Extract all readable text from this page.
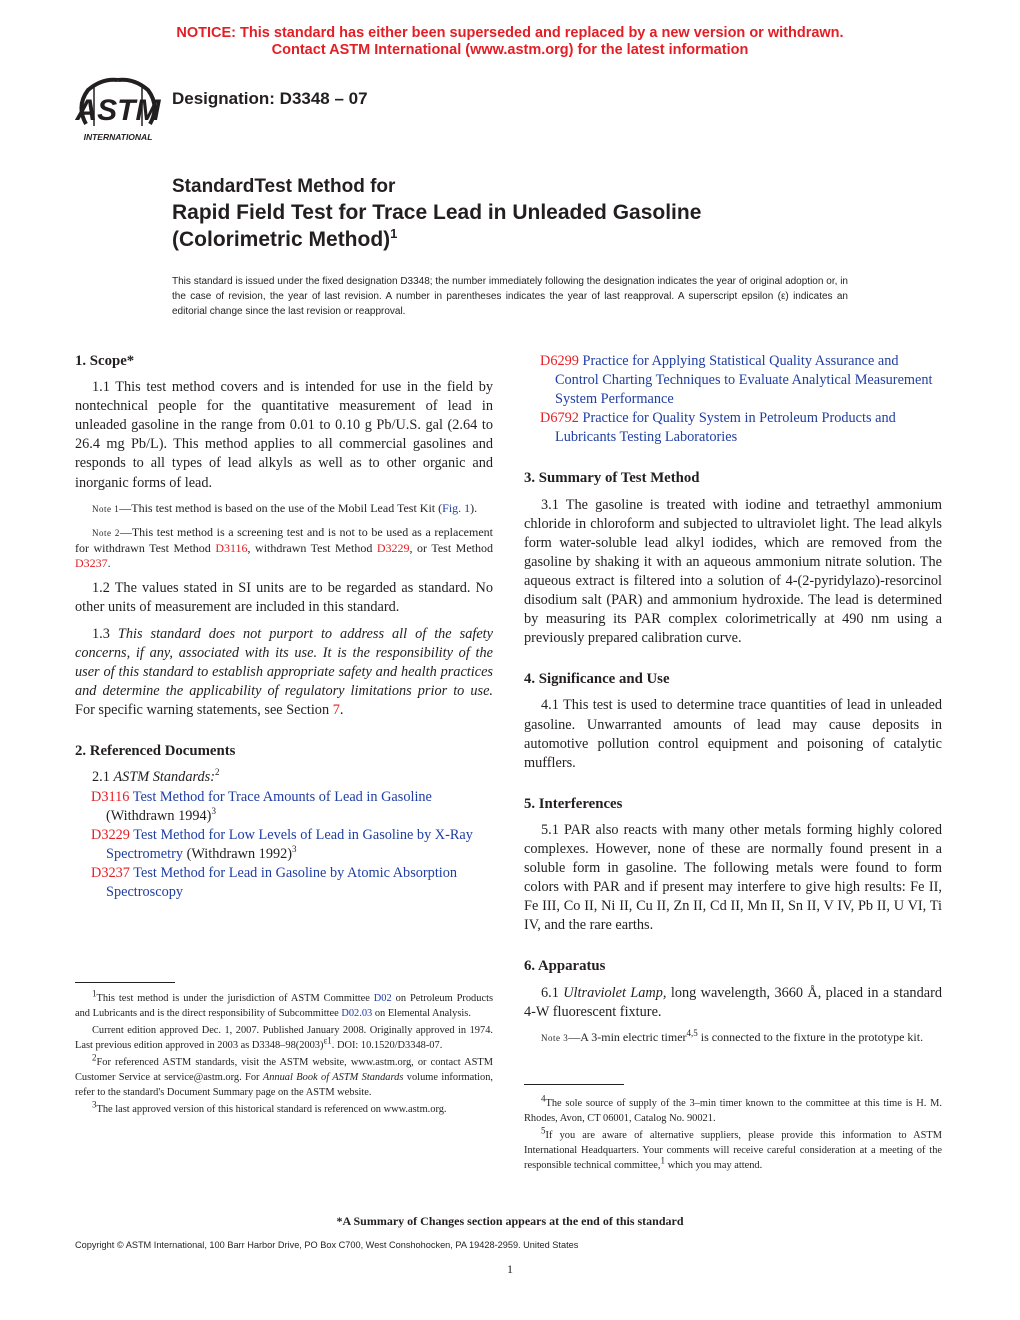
NOTICE: This standard has either been superseded and replaced by a new version or withdrawn.
Contact ASTM International (www.astm.org) for the latest information
ASTM
INTERNATIONAL
Designation: D3348 – 07
StandardTest Method for
Rapid Field Test for Trace Lead in Unleaded Gasoline
(Colorimetric Method)$^1$
This standard is issued under the fixed designation D3348; the number immediately following the designation indicates the year of original adoption or, in the case of revision, the year of last revision. A number in parentheses indicates the year of last reapproval. A superscript epsilon (ε) indicates an editorial change since the last revision or reapproval.

1. Scope*

1.1 This test method covers and is intended for use in the field by nontechnical people for the quantitative measurement of lead in unleaded gasoline in the range from 0.01 to 0.10 g Pb/U.S. gal (2.64 to 26.4 mg Pb/L). This method applies to all commercial gasolines and responds to all types of lead alkyls as well as to other organic and inorganic forms of lead.

Note 1—This test method is based on the use of the Mobil Lead Test Kit (Fig. 1).

Note 2—This test method is a screening test and is not to be used as a replacement for withdrawn Test Method D3116, withdrawn Test Method D3229, or Test Method D3237.

1.2 The values stated in SI units are to be regarded as standard. No other units of measurement are included in this standard.

1.3 This standard does not purport to address all of the safety concerns, if any, associated with its use. It is the responsibility of the user of this standard to establish appropriate safety and health practices and determine the applicability of regulatory limitations prior to use. For specific warning statements, see Section 7.

2. Referenced Documents

2.1 ASTM Standards:$^2$

D3116 Test Method for Trace Amounts of Lead in Gasoline (Withdrawn 1994)$^3$

D3229 Test Method for Low Levels of Lead in Gasoline by X-Ray Spectrometry (Withdrawn 1992)$^3$

D3237 Test Method for Lead in Gasoline by Atomic Absorption Spectroscopy

D6299 Practice for Applying Statistical Quality Assurance and Control Charting Techniques to Evaluate Analytical Measurement System Performance

D6792 Practice for Quality System in Petroleum Products and Lubricants Testing Laboratories

3. Summary of Test Method

3.1 The gasoline is treated with iodine and tetraethyl ammonium chloride in chloroform and subjected to ultraviolet light. The lead alkyls form water-soluble lead alkyl iodides, which are removed from the gasoline by shaking it with an aqueous ammonium nitrate solution. The aqueous extract is filtered into a solution of 4-(2-pyridylazo)-resorcinol disodium salt (PAR) and ammonium hydroxide. The lead is determined by measuring its PAR complex colorimetrically at 490 nm using a previously prepared calibration curve.

4. Significance and Use

4.1 This test is used to determine trace quantities of lead in unleaded gasoline. Unwarranted amounts of lead may cause deposits in automotive pollution control equipment and poisoning of catalytic mufflers.

5. Interferences

5.1 PAR also reacts with many other metals forming highly colored complexes. However, none of these are normally found present in a soluble form in gasoline. The following metals were found to form colors with PAR and if present may interfere to give high results: Fe II, Fe III, Co II, Ni II, Cu II, Zn II, Cd II, Mn II, Sn II, V IV, Pb II, U VI, Ti IV, and the rare earths.

6. Apparatus

6.1 Ultraviolet Lamp, long wavelength, 3660 Å, placed in a standard 4-W fluorescent fixture.

Note 3—A 3-min electric timer$^{4,5}$ is connected to the fixture in the prototype kit.

$^1$This test method is under the jurisdiction of ASTM Committee D02 on Petroleum Products and Lubricants and is the direct responsibility of Subcommittee D02.03 on Elemental Analysis.

Current edition approved Dec. 1, 2007. Published January 2008. Originally approved in 1974. Last previous edition approved in 2003 as $D3348-98(2003)^{\varepsilon 1}$. DOI: 10.1520/D3348-07.

$^2$For referenced ASTM standards, visit the ASTM website, www.astm.org, or contact ASTM Customer Service at service@astm.org. For Annual Book of ASTM Standards volume information, refer to the standard's Document Summary page on the ASTM website.

$^3$The last approved version of this historical standard is referenced on www.astm.org.

$^4$The sole source of supply of the 3–min timer known to the committee at this time is H. M. Rhodes, Avon, CT 06001, Catalog No. 90021.

$^5$If you are aware of alternative suppliers, please provide this information to ASTM International Headquarters. Your comments will receive careful consideration at a meeting of the responsible technical committee,$^1$ which you may attend.

*A Summary of Changes section appears at the end of this standard
Copyright © ASTM International, 100 Barr Harbor Drive, PO Box C700, West Conshohocken, PA 19428-2959. United States
1
